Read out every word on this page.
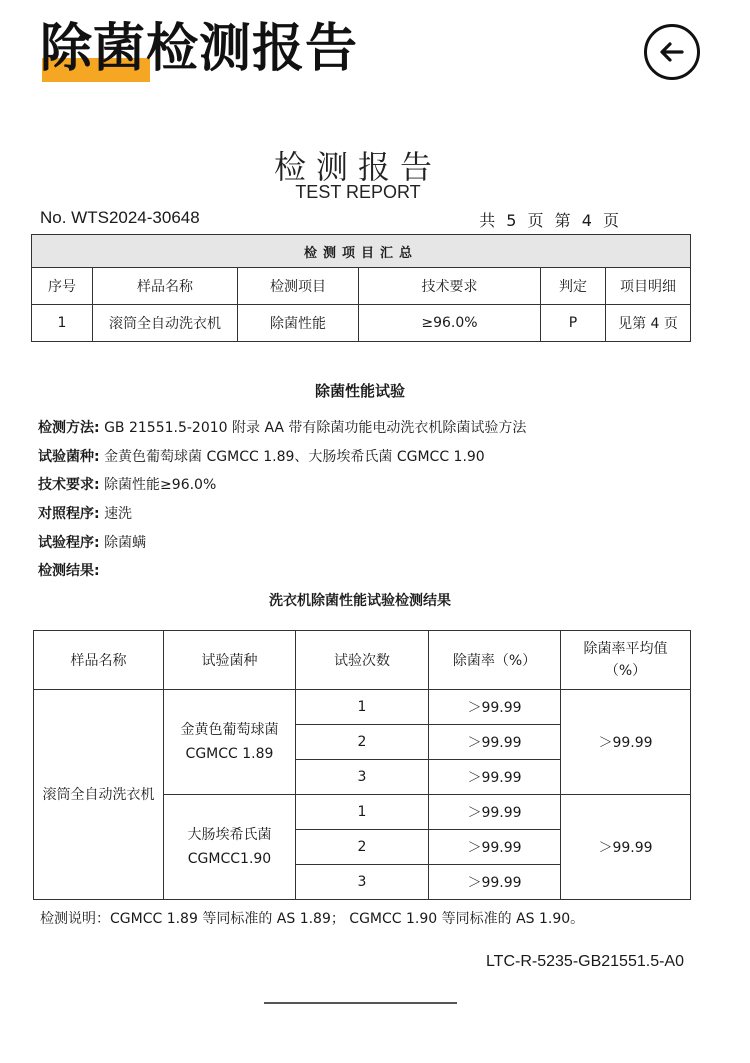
除菌检测报告
检测报告
TEST REPORT
No. WTS2024-30648	共 5 页 第 4 页
检测项目汇总					
序号	样品名称	检测项目	技术要求	判定	项目明细
1	滚筒全自动洗衣机	除菌性能	≥96.0%	P	见第 4 页
除菌性能试验
检测方法: GB 21551.5-2010 附录 AA 带有除菌功能电动洗衣机除菌试验方法
试验菌种: 金黄色葡萄球菌 CGMCC 1.89、大肠埃希氏菌 CGMCC 1.90
技术要求: 除菌性能≥96.0%
对照程序: 速洗
试验程序: 除菌螨
检测结果:
洗衣机除菌性能试验检测结果
样品名称	试验菌种	试验次数	除菌率（%）	除菌率平均值（%）
滚筒全自动洗衣机	金黄色葡萄球菌 CGMCC 1.89	1	＞99.99	＞99.99
		2	＞99.99	
		3	＞99.99	
	大肠埃希氏菌 CGMCC1.90	1	＞99.99	＞99.99
		2	＞99.99	
		3	＞99.99	
检测说明：CGMCC 1.89 等同标准的 AS 1.89； CGMCC 1.90 等同标准的 AS 1.90。
LTC-R-5235-GB21551.5-A0
